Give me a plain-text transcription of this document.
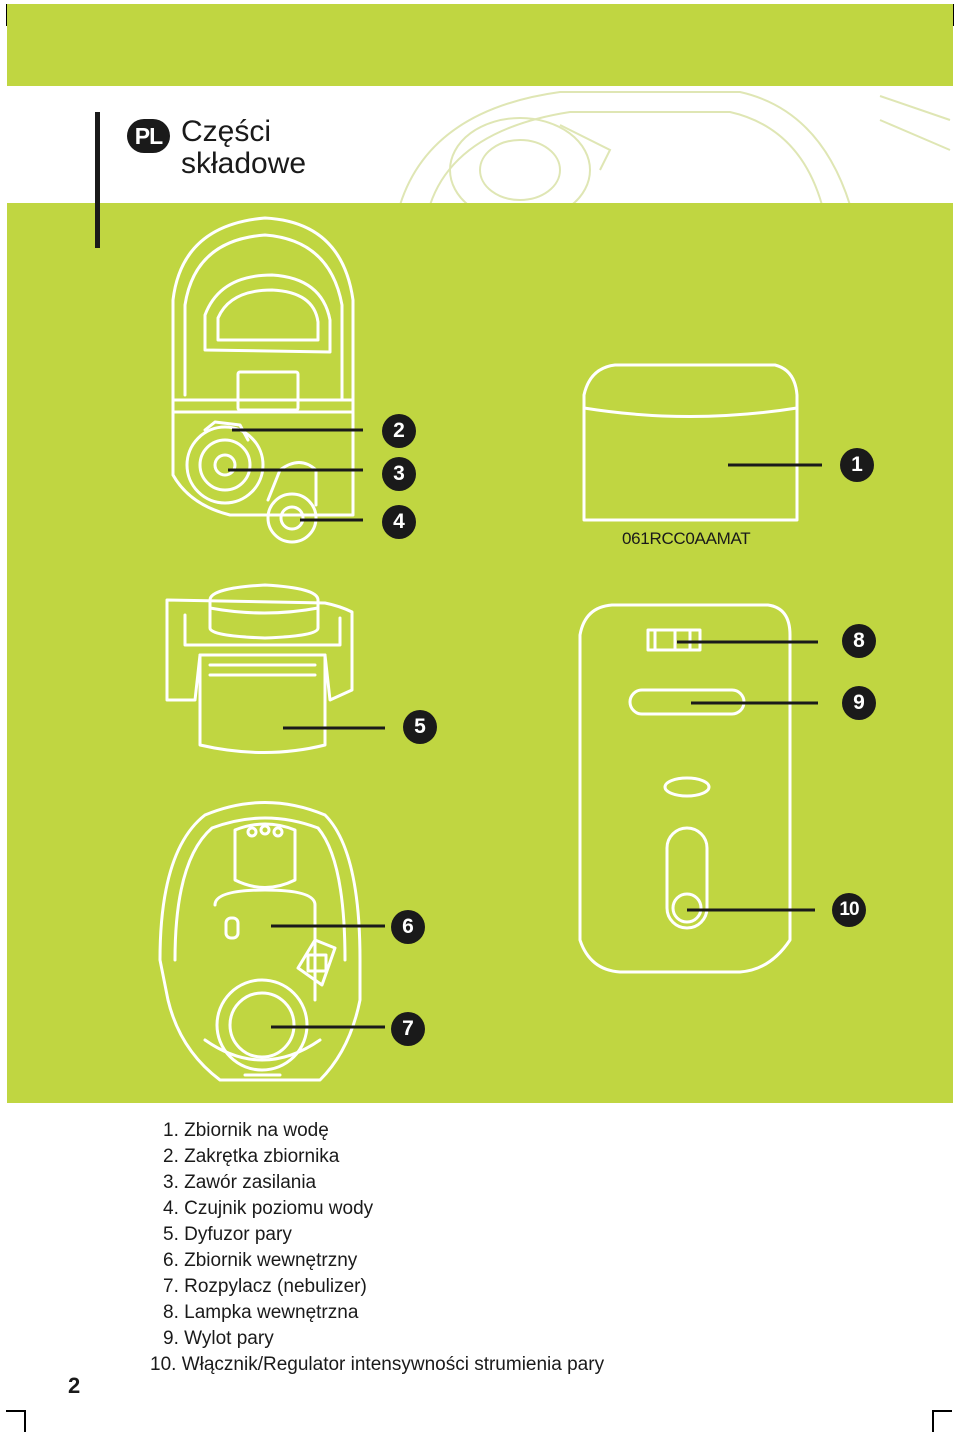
PL Części
składowe
2
3
4
1
8
9
5
10
6
7
061RCC0AAMAT
1. Zbiornik na wodę
2. Zakrętka zbiornika
3. Zawór zasilania
4. Czujnik poziomu wody
5. Dyfuzor pary
6. Zbiornik wewnętrzny
7. Rozpylacz (nebulizer)
8. Lampka wewnętrzna
9. Wylot pary
10. Włącznik/Regulator intensywności strumienia pary
2
